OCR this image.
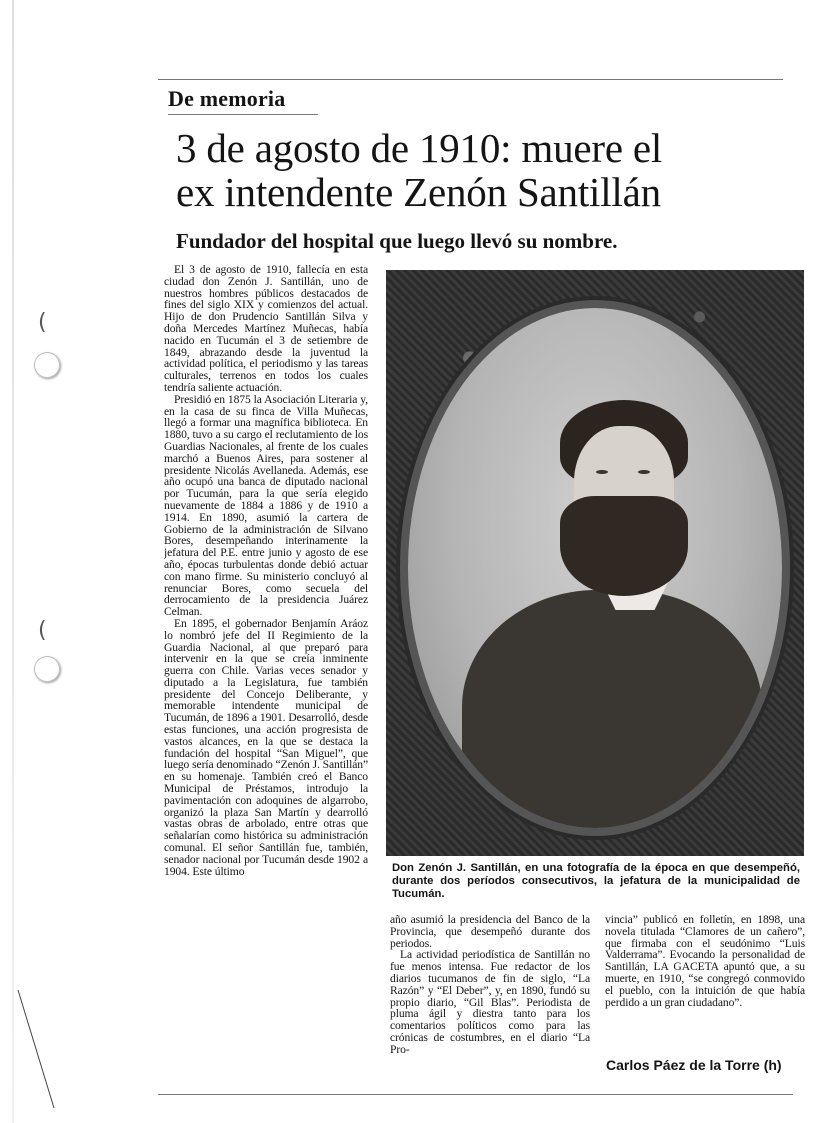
(
(
De memoria
3 de agosto de 1910: muere el
ex intendente Zenón Santillán
Fundador del hospital que luego llevó su nombre.

El 3 de agosto de 1910, fallecía en esta ciudad don Zenón J. Santillán, uno de nuestros hombres públicos destacados de fines del siglo XIX y comienzos del actual. Hijo de don Prudencio Santillán Silva y doña Mercedes Martínez Muñecas, había nacido en Tucumán el 3 de setiembre de 1849, abrazando desde la juventud la actividad política, el periodismo y las tareas culturales, terrenos en todos los cuales tendría saliente actuación.

Presidió en 1875 la Asociación Literaria y, en la casa de su finca de Villa Muñecas, llegó a formar una magnífica biblioteca. En 1880, tuvo a su cargo el reclutamiento de los Guardias Nacionales, al frente de los cuales marchó a Buenos Aires, para sostener al presidente Nicolás Avellaneda. Además, ese año ocupó una banca de diputado nacional por Tucumán, para la que sería elegido nuevamente de 1884 a 1886 y de 1910 a 1914. En 1890, asumió la cartera de Gobierno de la administración de Silvano Bores, desempeñando interinamente la jefatura del P.E. entre junio y agosto de ese año, épocas turbulentas donde debió actuar con mano firme. Su ministerio concluyó al renunciar Bores, como secuela del derrocamiento de la presidencia Juárez Celman.

En 1895, el gobernador Benjamín Aráoz lo nombró jefe del II Regimiento de la Guardia Nacional, al que preparó para intervenir en la que se creía inminente guerra con Chile. Varias veces senador y diputado a la Legislatura, fue también presidente del Concejo Deliberante, y memorable intendente municipal de Tucumán, de 1896 a 1901. Desarrolló, desde estas funciones, una acción progresista de vastos alcances, en la que se destaca la fundación del hospital “San Miguel”, que luego sería denominado “Zenón J. Santillán” en su homenaje. También creó el Banco Municipal de Préstamos, introdujo la pavimentación con adoquines de algarrobo, organizó la plaza San Martín y dearrolló vastas obras de arbolado, entre otras que señalarían como histórica su administración comunal. El señor Santillán fue, también, senador nacional por Tucumán desde 1902 a 1904. Este último	Don Zenón J. Santillán, en una fotografía de la época en que desempeñó, durante dos períodos consecutivos, la jefatura de la municipalidad de Tucumán.

año asumió la presidencia del Banco de la Provincia, que desempeñó durante dos periodos.

La actividad periodística de Santillán no fue menos intensa. Fue redactor de los diarios tucumanos de fin de siglo, “La Razón” y “El Deber”, y, en 1890, fundó su propio diario, “Gil Blas”. Periodista de pluma ágil y diestra tanto para los comentarios políticos como para las crónicas de costumbres, en el diario “La Pro-

vincia” publicó en folletín, en 1898, una novela titulada “Clamores de un cañero”, que firmaba con el seudónimo “Luis Valderrama”. Evocando la personalidad de Santillán, LA GACETA apuntó que, a su muerte, en 1910, “se congregó conmovido el pueblo, con la intuición de que había perdido a un gran ciudadano”.

Carlos Páez de la Torre (h)
